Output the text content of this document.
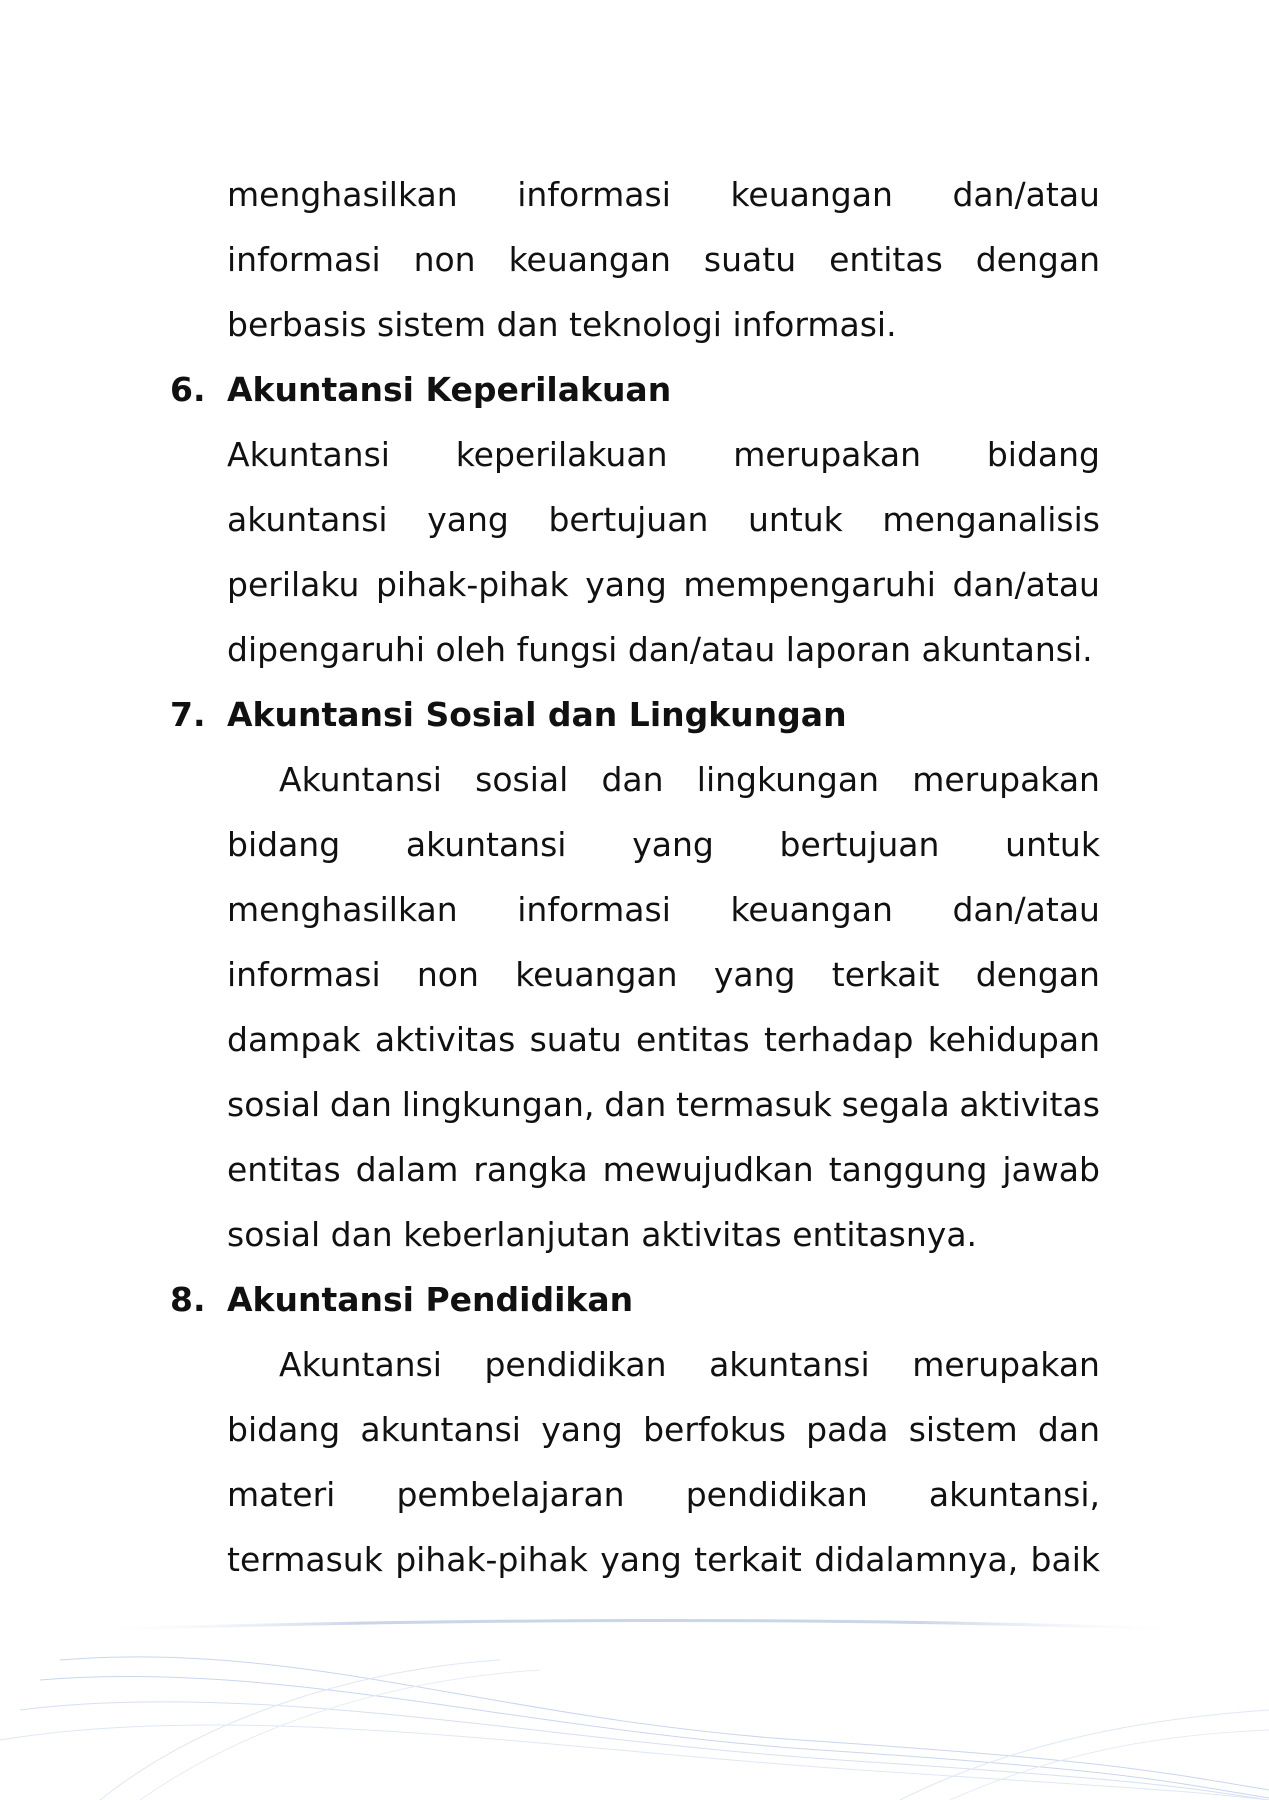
menghasilkan informasi keuangan dan/atau
informasi non keuangan suatu entitas dengan
berbasis sistem dan teknologi informasi.
6. Akuntansi Keperilakuan
Akuntansi keperilakuan merupakan bidang
akuntansi yang bertujuan untuk menganalisis
perilaku pihak-pihak yang mempengaruhi dan/atau
dipengaruhi oleh fungsi dan/atau laporan akuntansi.
7. Akuntansi Sosial dan Lingkungan
Akuntansi sosial dan lingkungan merupakan
bidang akuntansi yang bertujuan untuk
menghasilkan informasi keuangan dan/atau
informasi non keuangan yang terkait dengan
dampak aktivitas suatu entitas terhadap kehidupan
sosial dan lingkungan, dan termasuk segala aktivitas
entitas dalam rangka mewujudkan tanggung jawab
sosial dan keberlanjutan aktivitas entitasnya.
8. Akuntansi Pendidikan
Akuntansi pendidikan akuntansi merupakan
bidang akuntansi yang berfokus pada sistem dan
materi pembelajaran pendidikan akuntansi,
termasuk pihak-pihak yang terkait didalamnya, baik
